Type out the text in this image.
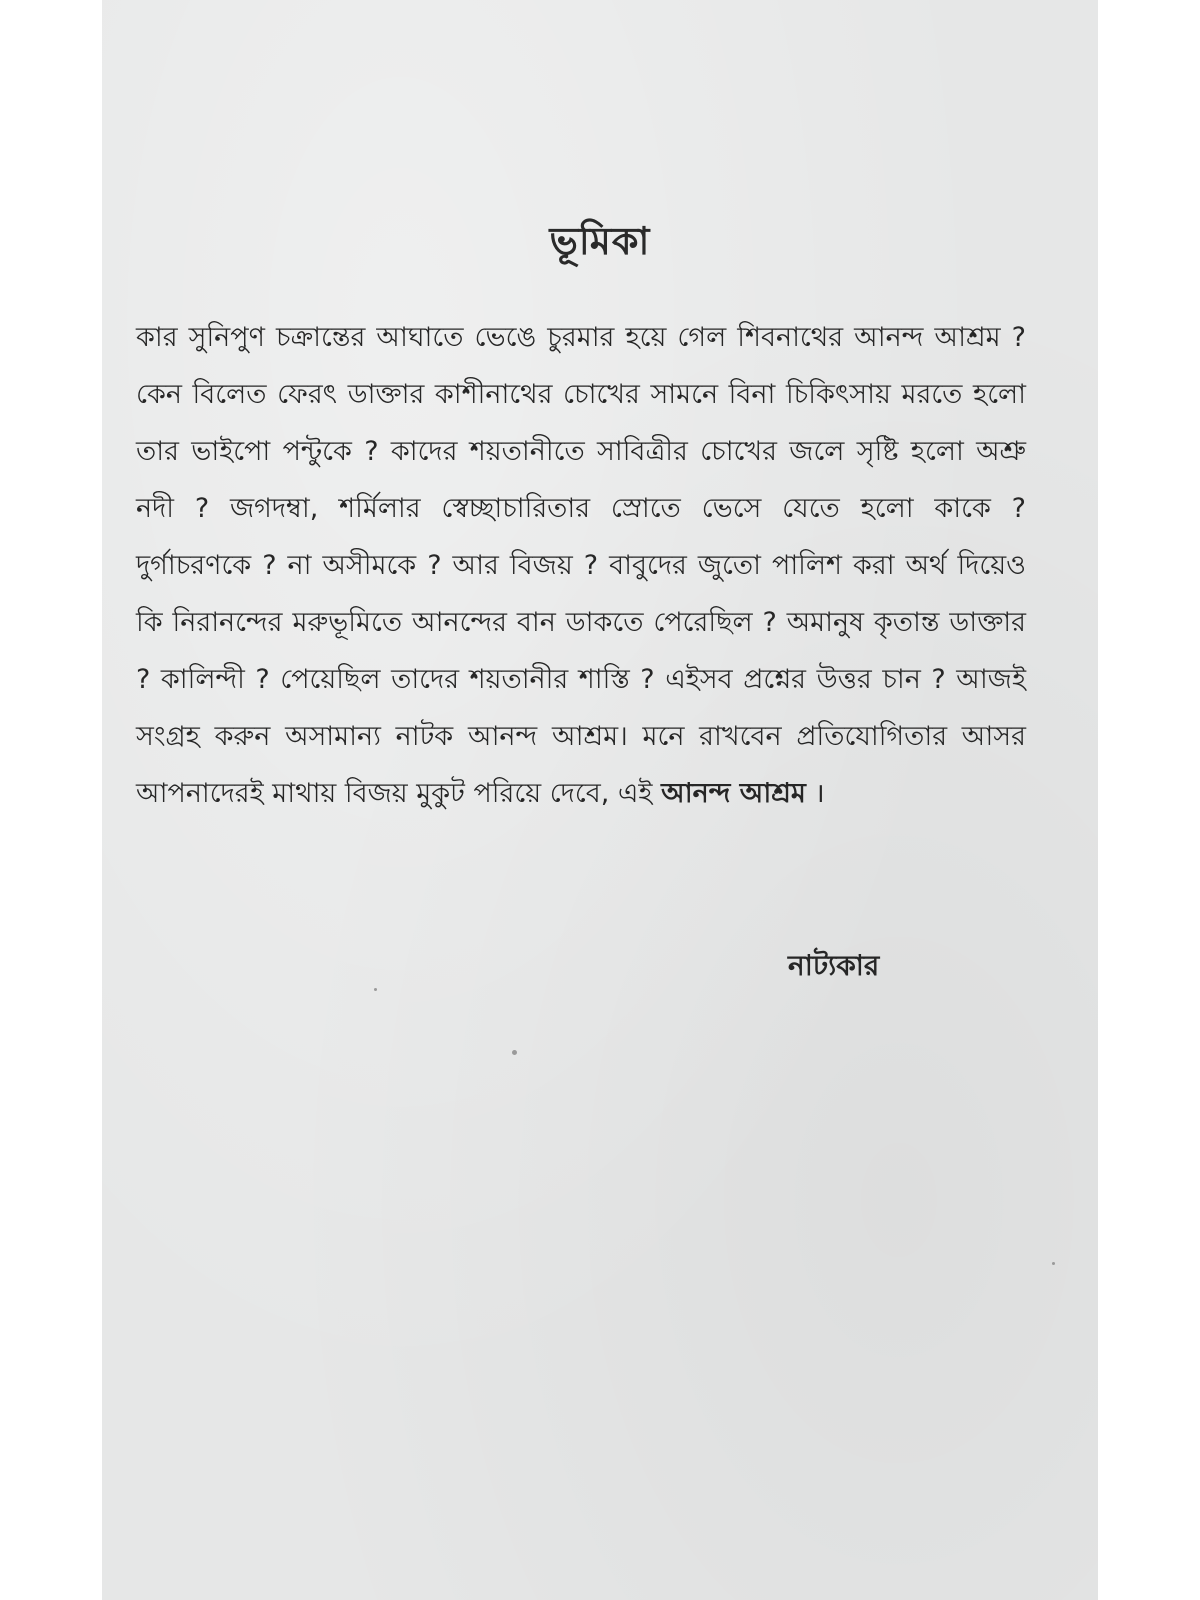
ভূমিকা

কার সুনিপুণ চক্রান্তের আঘাতে ভেঙে চুরমার হয়ে গেল শিবনাথের আনন্দ আশ্রম ? কেন বিলেত ফেরৎ ডাক্তার কাশীনাথের চোখের সামনে বিনা চিকিৎসায় মরতে হলো তার ভাইপো পন্টুকে ? কাদের শয়তানীতে সাবিত্রীর চোখের জলে সৃষ্টি হলো অশ্রু নদী ? জগদম্বা, শর্মিলার স্বেচ্ছাচারিতার স্রোতে ভেসে যেতে হলো কাকে ? দুর্গাচরণকে ? না অসীমকে ? আর বিজয় ? বাবুদের জুতো পালিশ করা অর্থ দিয়েও কি নিরানন্দের মরুভূমিতে আনন্দের বান ডাকতে পেরেছিল ? অমানুষ কৃতান্ত ডাক্তার ? কালিন্দী ? পেয়েছিল তাদের শয়তানীর শাস্তি ? এইসব প্রশ্নের উত্তর চান ? আজই সংগ্রহ করুন অসামান্য নাটক আনন্দ আশ্রম। মনে রাখবেন প্রতিযোগিতার আসর আপনাদেরই মাথায় বিজয় মুকুট পরিয়ে দেবে, এই আনন্দ আশ্রম ।

নাট্যকার
